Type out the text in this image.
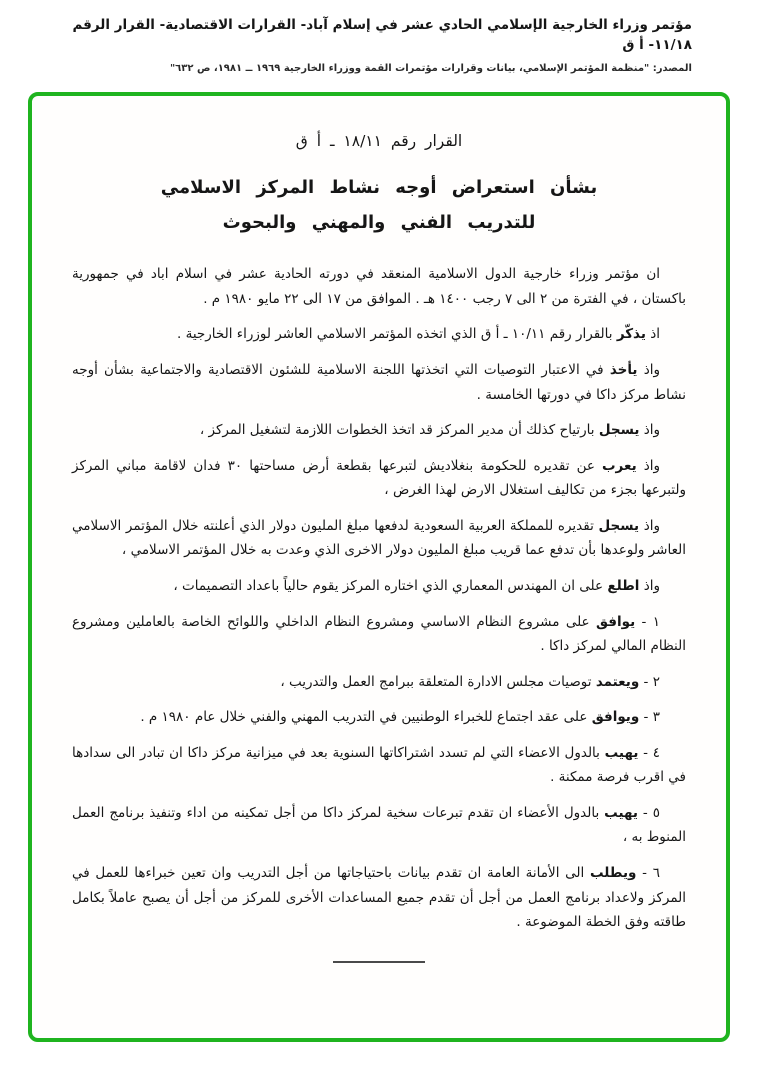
مؤتمر وزراء الخارجية الإسلامي الحادي عشر في إسلام آباد- القرارات الاقتصادية- القرار الرقم ١١/١٨- أ ق
المصدر: "منظمة المؤتمر الإسلامي، بيانات وقرارات مؤتمرات القمة ووزراء الخارجية ١٩٦٩ ــ ١٩٨١، ص ٦٣٢"
القرار رقم ١٨/١١ ـ أ ق
بشأن استعراض أوجه نشاط المركز الاسلامي
للتدريب الفني والمهني والبحوث

ان مؤتمر وزراء خارجية الدول الاسلامية المنعقد في دورته الحادية عشر في اسلام اباد في جمهورية باكستان ، في الفترة من ٢ الى ٧ رجب ١٤٠٠ هـ . الموافق من ١٧ الى ٢٢ مايو ١٩٨٠ م .

اذ يذكّر بالقرار رقم ١٠/١١ ـ أ ق الذي اتخذه المؤتمر الاسلامي العاشر لوزراء الخارجية .

واذ يأخذ في الاعتبار التوصيات التي اتخذتها اللجنة الاسلامية للشئون الاقتصادية والاجتماعية بشأن أوجه نشاط مركز داكا في دورتها الخامسة .

واذ يسجل بارتياح كذلك أن مدير المركز قد اتخذ الخطوات اللازمة لتشغيل المركز ،

واذ يعرب عن تقديره للحكومة بنغلاديش لتبرعها بقطعة أرض مساحتها ٣٠ فدان لاقامة مباني المركز ولتبرعها بجزء من تكاليف استغلال الارض لهذا الغرض ،

واذ يسجل تقديره للمملكة العربية السعودية لدفعها مبلغ المليون دولار الذي أعلنته خلال المؤتمر الاسلامي العاشر ولوعدها بأن تدفع عما قريب مبلغ المليون دولار الاخرى الذي وعدت به خلال المؤتمر الاسلامي ،

واذ اطلع على ان المهندس المعماري الذي اختاره المركز يقوم حالياً باعداد التصميمات ،

١ - يوافق على مشروع النظام الاساسي ومشروع النظام الداخلي واللوائح الخاصة بالعاملين ومشروع النظام المالي لمركز داكا .

٢ - ويعتمد توصيات مجلس الادارة المتعلقة ببرامج العمل والتدريب ،

٣ - ويوافق على عقد اجتماع للخبراء الوطنيين في التدريب المهني والفني خلال عام ١٩٨٠ م .

٤ - يهيب بالدول الاعضاء التي لم تسدد اشتراكاتها السنوية بعد في ميزانية مركز داكا ان تبادر الى سدادها في اقرب فرصة ممكنة .

٥ - يهيب بالدول الأعضاء ان تقدم تبرعات سخية لمركز داكا من أجل تمكينه من اداء وتنفيذ برنامج العمل المنوط به ،

٦ - ويطلب الى الأمانة العامة ان تقدم بيانات باحتياجاتها من أجل التدريب وان تعين خبراءها للعمل في المركز ولاعداد برنامج العمل من أجل أن تقدم جميع المساعدات الأخرى للمركز من أجل أن يصبح عاملاً بكامل طاقته وفق الخطة الموضوعة .
